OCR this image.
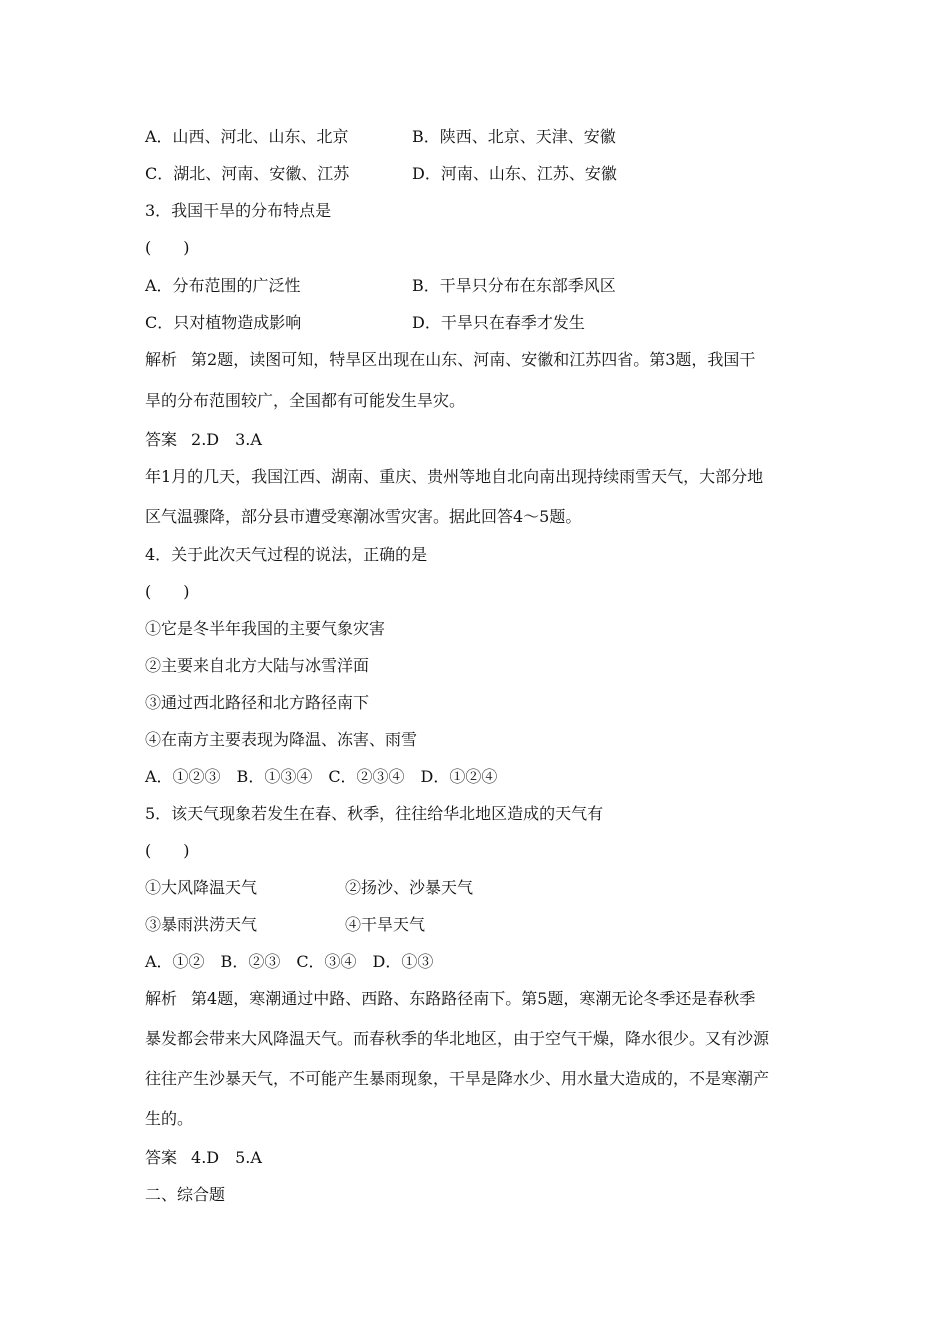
A．山西、河北、山东、北京	B．陕西、北京、天津、安徽
C．湖北、河南、安徽、江苏	D．河南、山东、江苏、安徽
3．我国干旱的分布特点是
(　　)
A．分布范围的广泛性	B．干旱只分布在东部季风区
C．只对植物造成影响	D．干旱只在春季才发生
解析 第2题，读图可知，特旱区出现在山东、河南、安徽和江苏四省。第3题，我国干
旱的分布范围较广，全国都有可能发生旱灾。
答案 2.D　3.A
年1月的几天，我国江西、湖南、重庆、贵州等地自北向南出现持续雨雪天气，大部分地
区气温骤降，部分县市遭受寒潮冰雪灾害。据此回答4～5题。
4．关于此次天气过程的说法，正确的是
(　　)
①它是冬半年我国的主要气象灾害
②主要来自北方大陆与冰雪洋面
③通过西北路径和北方路径南下
④在南方主要表现为降温、冻害、雨雪
A．①②③　B．①③④　C．②③④　D．①②④
5．该天气现象若发生在春、秋季，往往给华北地区造成的天气有
(　　)
①大风降温天气	②扬沙、沙暴天气
③暴雨洪涝天气	④干旱天气
A．①②　B．②③　C．③④　D．①③
解析 第4题，寒潮通过中路、西路、东路路径南下。第5题，寒潮无论冬季还是春秋季
暴发都会带来大风降温天气。而春秋季的华北地区，由于空气干燥，降水很少。又有沙源
往往产生沙暴天气，不可能产生暴雨现象，干旱是降水少、用水量大造成的，不是寒潮产
生的。
答案 4.D　5.A
二、综合题
